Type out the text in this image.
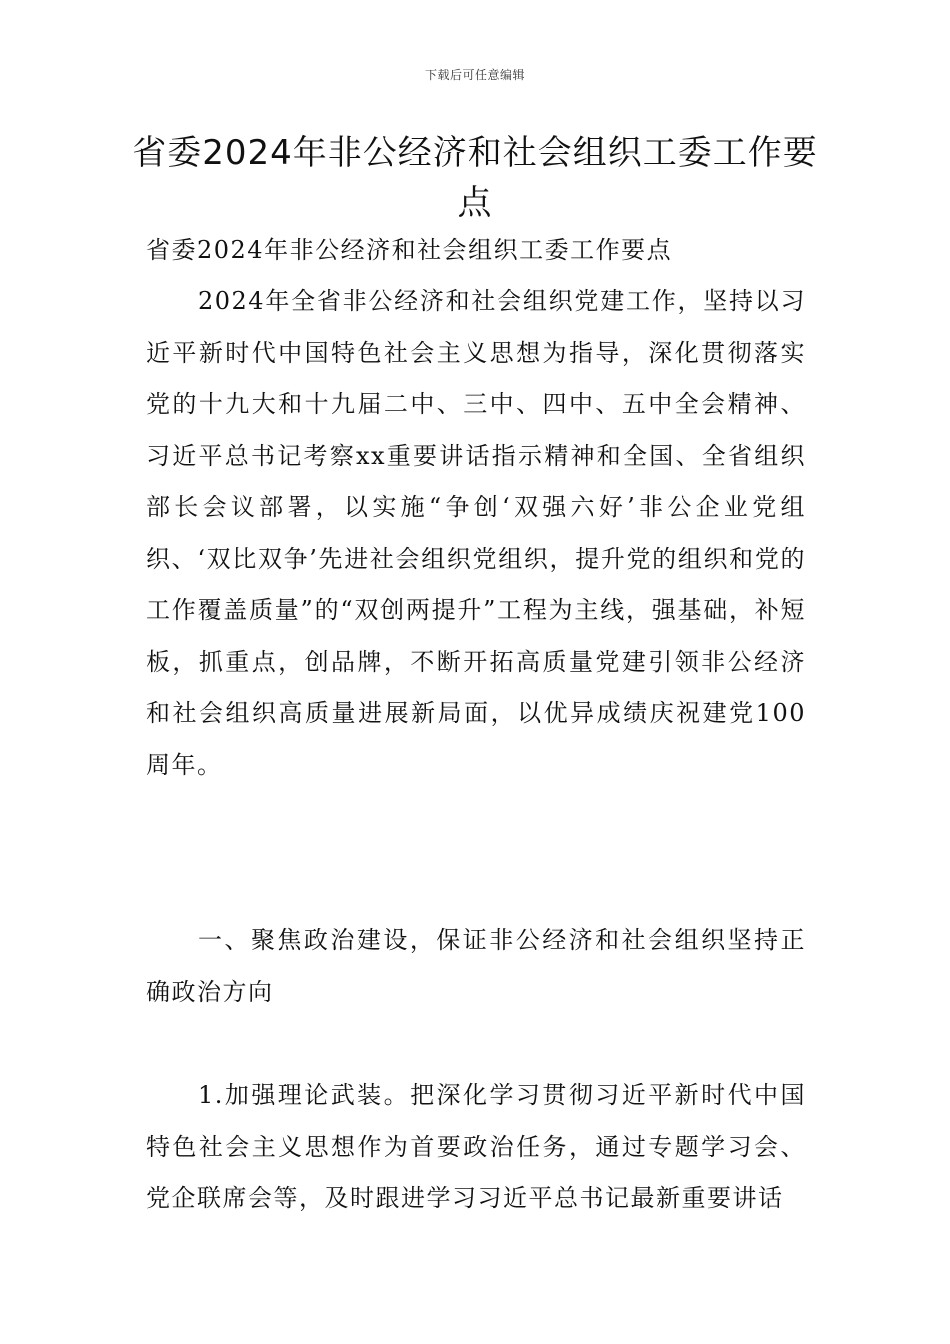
下载后可任意编辑
省委2024年非公经济和社会组织工委工作要点

省委2024年非公经济和社会组织工委工作要点

2024年全省非公经济和社会组织党建工作，坚持以习近平新时代中国特色社会主义思想为指导，深化贯彻落实党的十九大和十九届二中、三中、四中、五中全会精神、习近平总书记考察xx重要讲话指示精神和全国、全省组织部长会议部署，以实施“争创‘双强六好’非公企业党组织、‘双比双争’先进社会组织党组织，提升党的组织和党的工作覆盖质量”的“双创两提升”工程为主线，强基础，补短板，抓重点，创品牌，不断开拓高质量党建引领非公经济和社会组织高质量进展新局面，以优异成绩庆祝建党100周年。

一、聚焦政治建设，保证非公经济和社会组织坚持正确政治方向

1.加强理论武装。把深化学习贯彻习近平新时代中国特色社会主义思想作为首要政治任务，通过专题学习会、党企联席会等，及时跟进学习习近平总书记最新重要讲话
